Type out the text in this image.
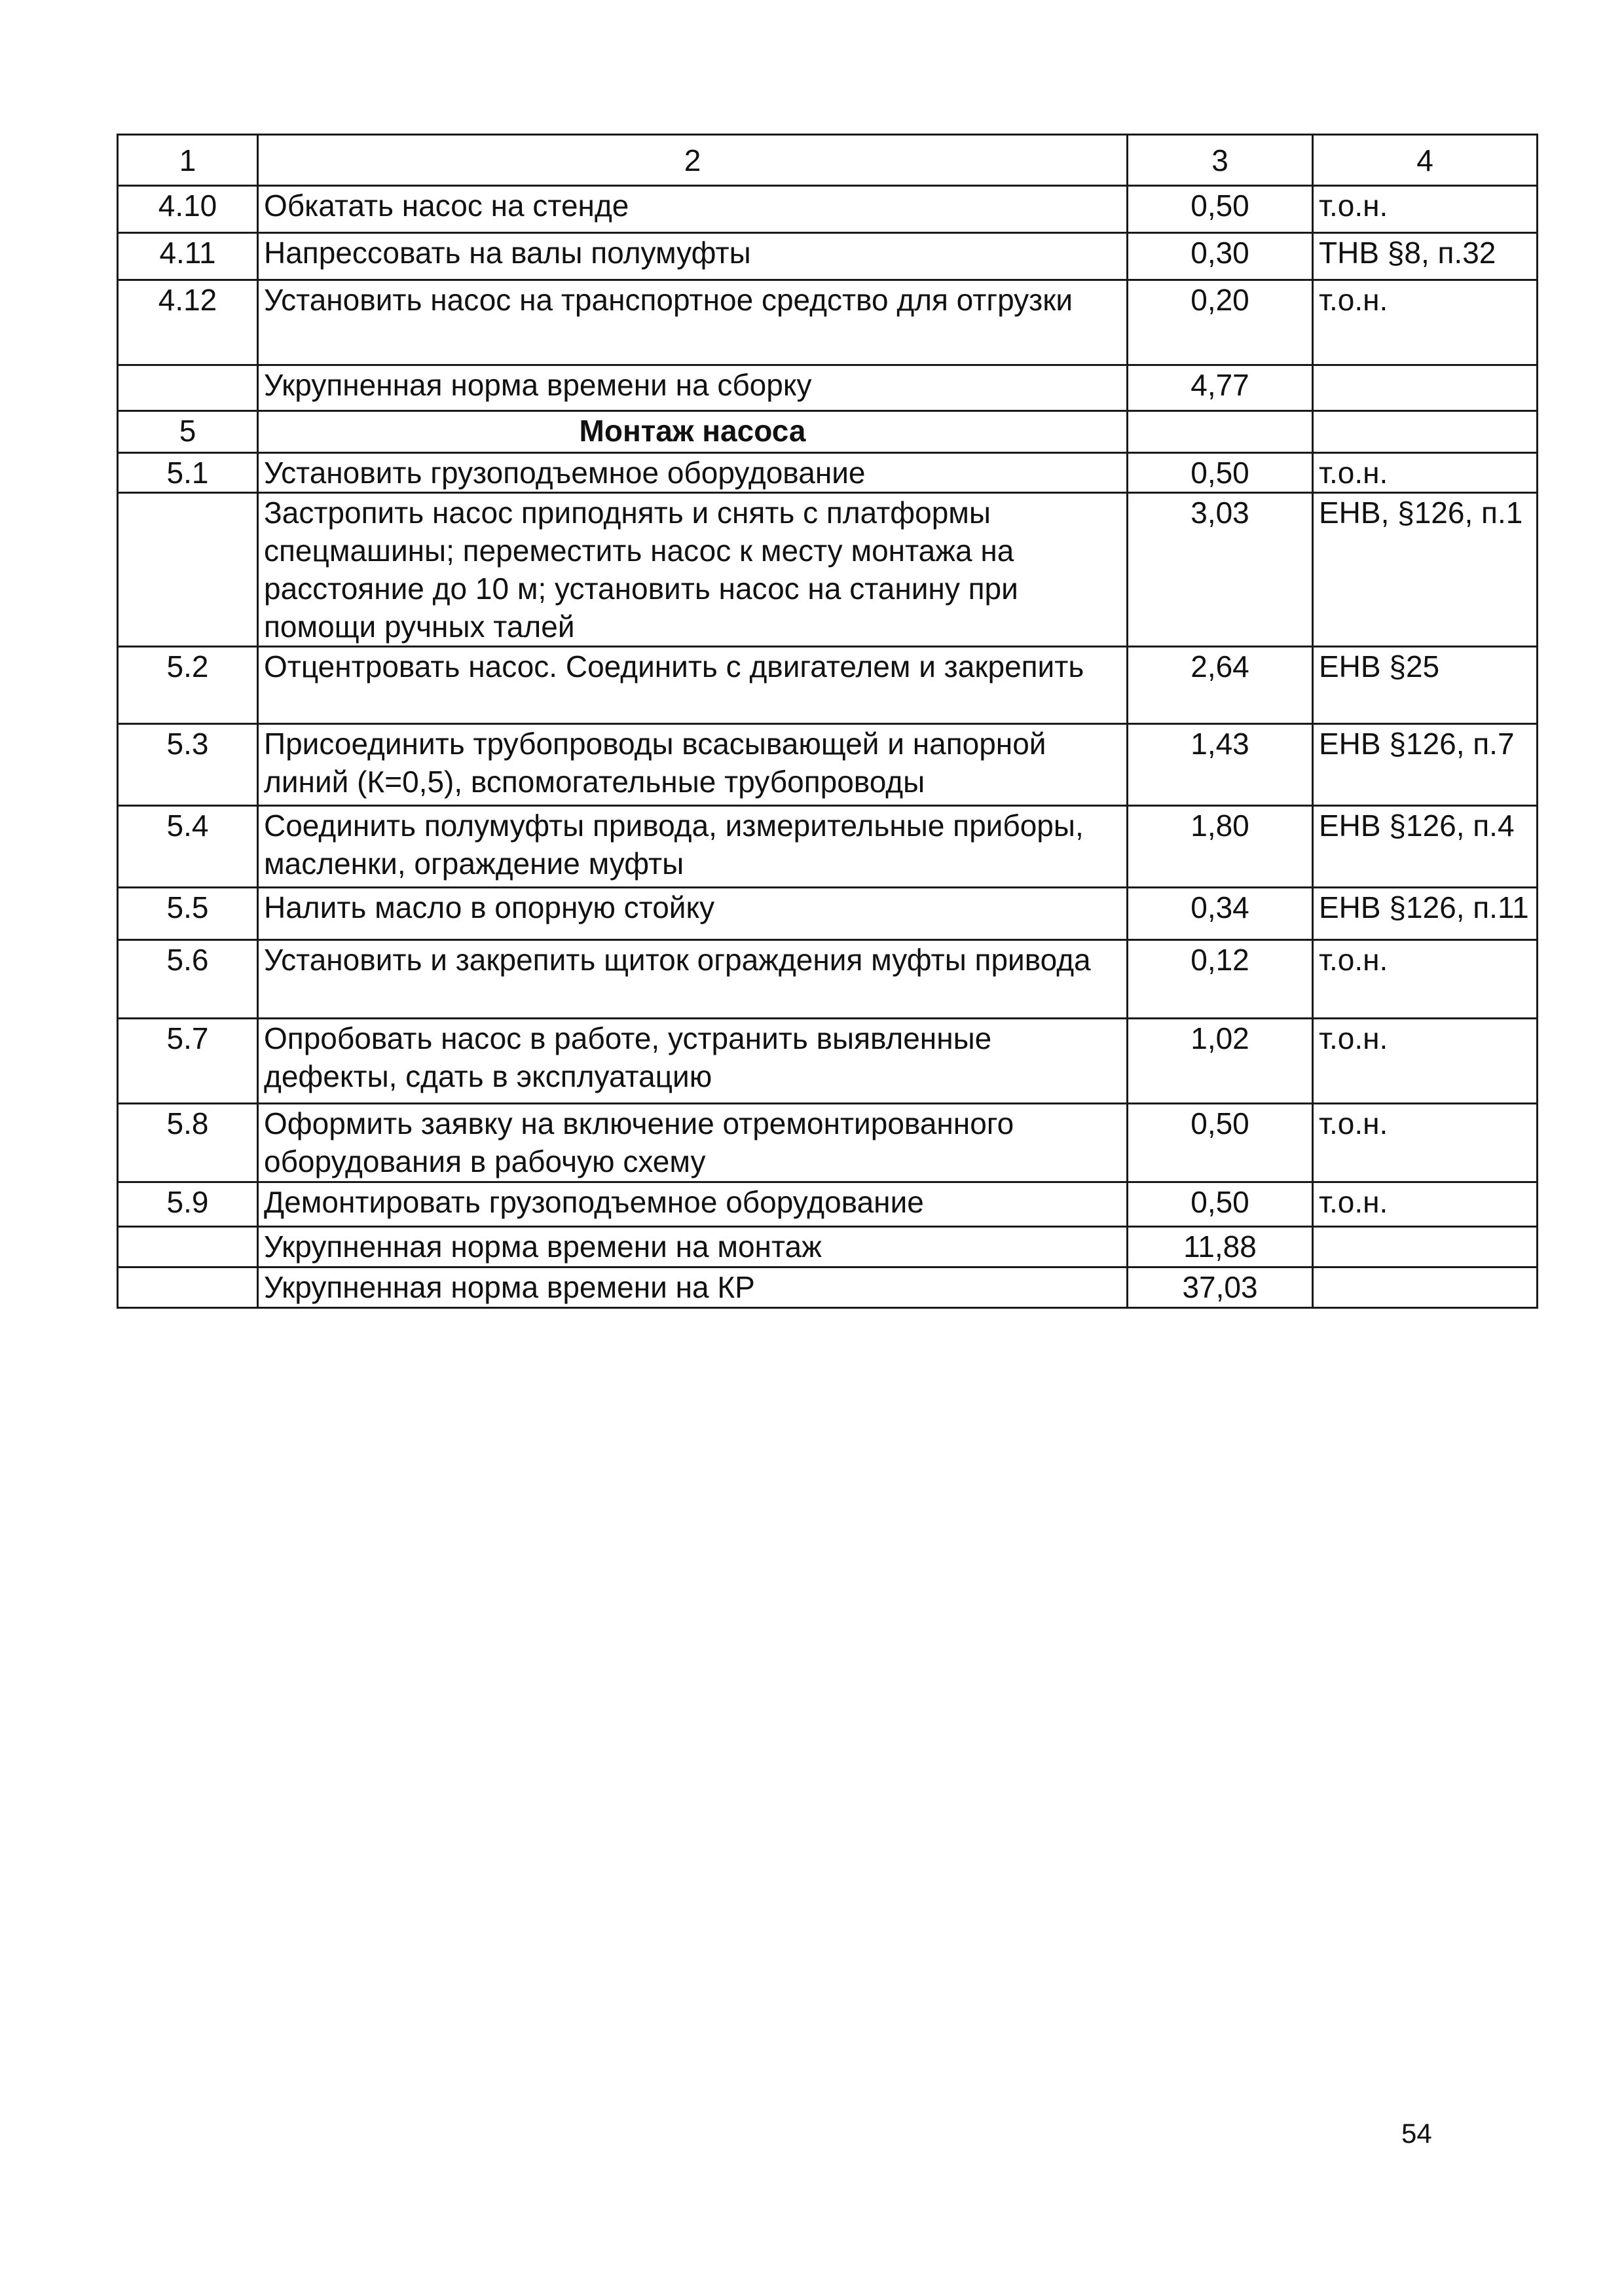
1	2	3	4
4.10	Обкатать насос на стенде	0,50	т.о.н.
4.11	Напрессовать на валы полумуфты	0,30	ТНВ §8, п.32
4.12	Установить насос на транспортное средство для отгрузки	0,20	т.о.н.
	Укрупненная норма времени на сборку	4,77	
5	Монтаж насоса		
5.1	Установить грузоподъемное оборудование	0,50	т.о.н.
	Застропить насос приподнять и снять с платформы спецмашины; переместить насос к месту монтажа на расстояние до 10 м; установить насос на станину при помощи ручных талей	3,03	ЕНВ, §126, п.1
5.2	Отцентровать насос. Соединить с двигателем и закрепить	2,64	ЕНВ §25
5.3	Присоединить трубопроводы всасывающей и напорной линий (К=0,5), вспомогательные трубопроводы	1,43	ЕНВ §126, п.7
5.4	Соединить полумуфты привода, измерительные приборы, масленки, ограждение муфты	1,80	ЕНВ §126, п.4
5.5	Налить масло в опорную стойку	0,34	ЕНВ §126, п.11
5.6	Установить и закрепить щиток ограждения муфты привода	0,12	т.о.н.
5.7	Опробовать насос в работе, устранить выявленные дефекты, сдать в эксплуатацию	1,02	т.о.н.
5.8	Оформить заявку на включение отремонтированного оборудования в рабочую схему	0,50	т.о.н.
5.9	Демонтировать грузоподъемное оборудование	0,50	т.о.н.
	Укрупненная норма времени на монтаж	11,88	
	Укрупненная норма времени на КР	37,03	
54
